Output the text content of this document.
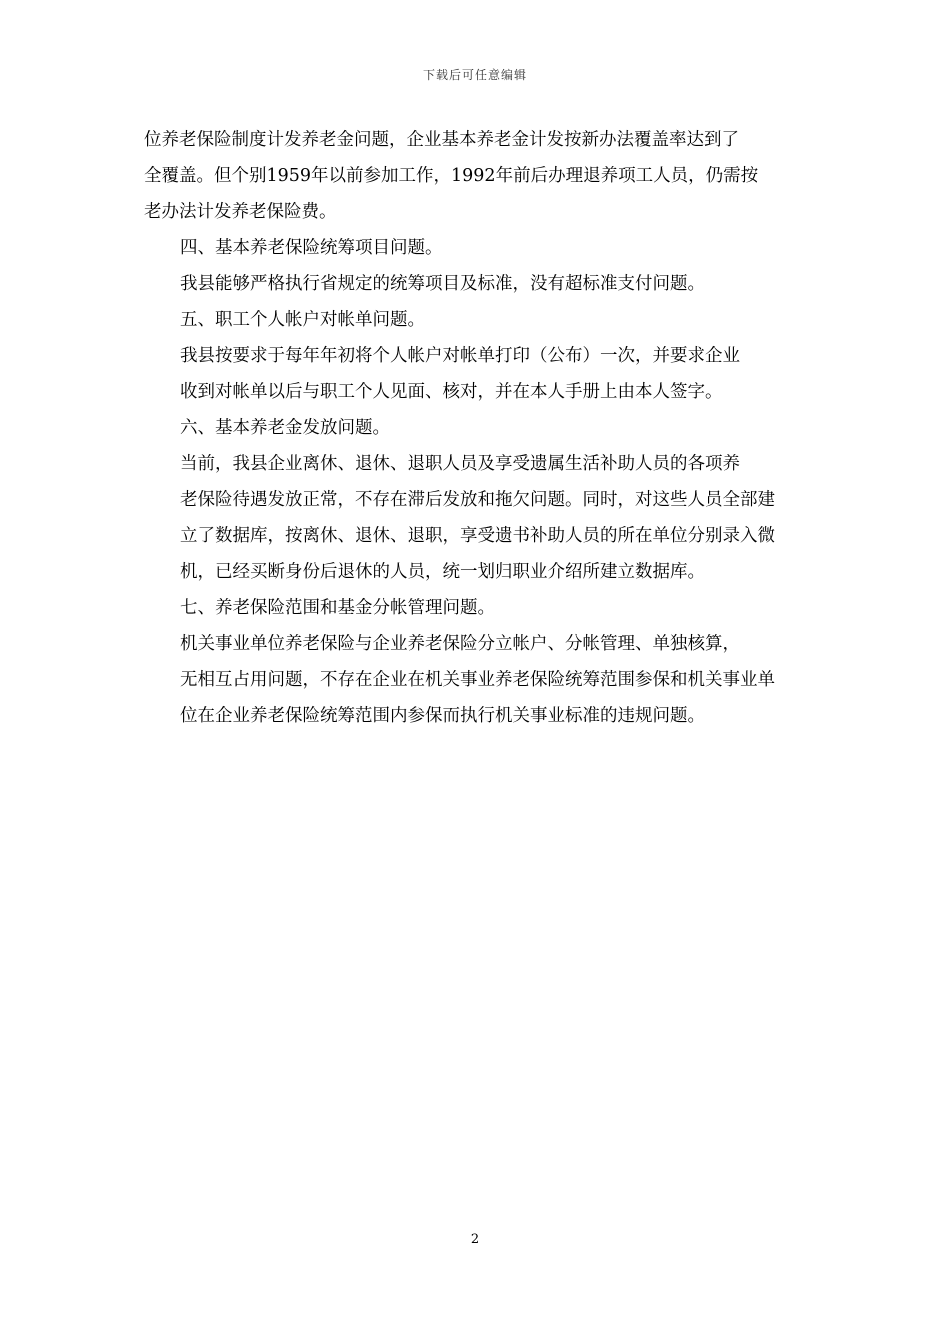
下载后可任意编辑

位养老保险制度计发养老金问题，企业基本养老金计发按新办法覆盖率达到了
全覆盖。但个别1959年以前参加工作，1992年前后办理退养项工人员，仍需按
老办法计发养老保险费。

四、基本养老保险统筹项目问题。

我县能够严格执行省规定的统筹项目及标准，没有超标准支付问题。

五、职工个人帐户对帐单问题。

我县按要求于每年年初将个人帐户对帐单打印（公布）一次，并要求企业
收到对帐单以后与职工个人见面、核对，并在本人手册上由本人签字。

六、基本养老金发放问题。

当前，我县企业离休、退休、退职人员及享受遗属生活补助人员的各项养
老保险待遇发放正常，不存在滞后发放和拖欠问题。同时，对这些人员全部建
立了数据库，按离休、退休、退职，享受遗书补助人员的所在单位分别录入微
机，已经买断身份后退休的人员，统一划归职业介绍所建立数据库。

七、养老保险范围和基金分帐管理问题。

机关事业单位养老保险与企业养老保险分立帐户、分帐管理、单独核算，
无相互占用问题，不存在企业在机关事业养老保险统筹范围参保和机关事业单
位在企业养老保险统筹范围内参保而执行机关事业标准的违规问题。

2
